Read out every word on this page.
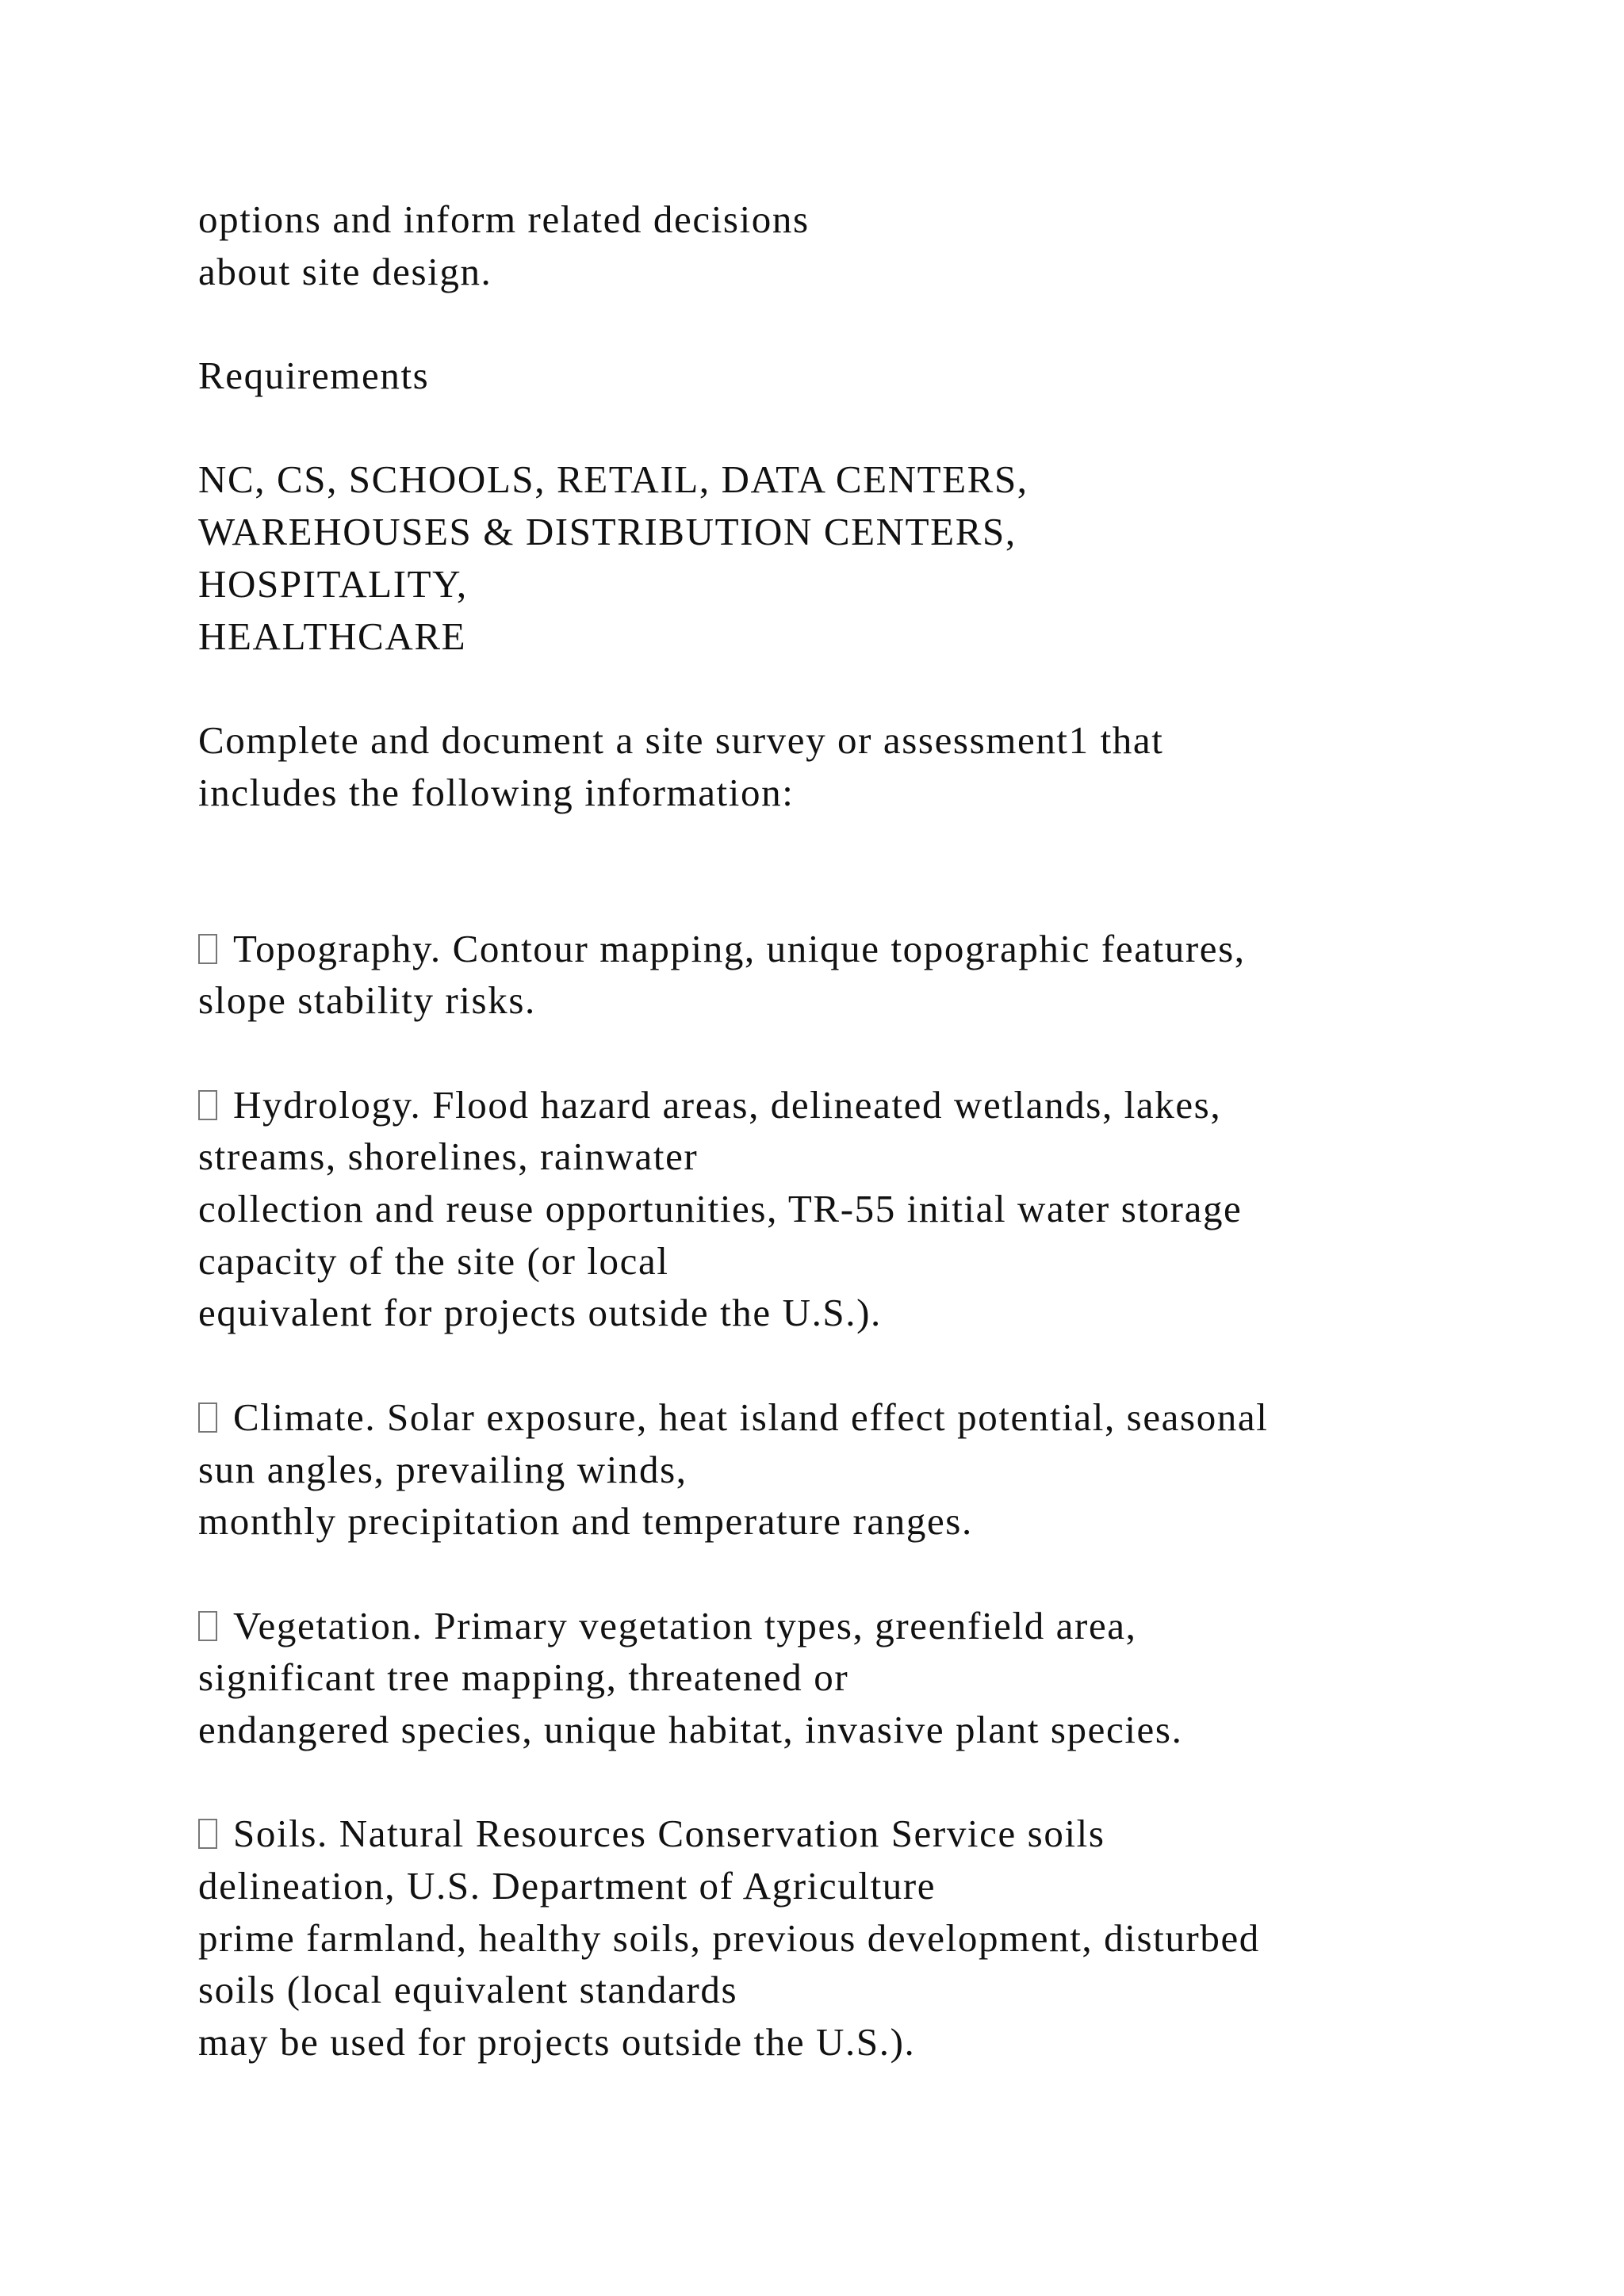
options and inform related decisions
about site design.
Requirements
NC, CS, SCHOOLS, RETAIL, DATA CENTERS,
WAREHOUSES & DISTRIBUTION CENTERS,
HOSPITALITY,
HEALTHCARE
Complete and document a site survey or assessment1 that
includes the following information:
Topography. Contour mapping, unique topographic features,
slope stability risks.
Hydrology. Flood hazard areas, delineated wetlands, lakes,
streams, shorelines, rainwater
collection and reuse opportunities, TR-55 initial water storage
capacity of the site (or local
equivalent for projects outside the U.S.).
Climate. Solar exposure, heat island effect potential, seasonal
sun angles, prevailing winds,
monthly precipitation and temperature ranges.
Vegetation. Primary vegetation types, greenfield area,
significant tree mapping, threatened or
endangered species, unique habitat, invasive plant species.
Soils. Natural Resources Conservation Service soils
delineation, U.S. Department of Agriculture
prime farmland, healthy soils, previous development, disturbed
soils (local equivalent standards
may be used for projects outside the U.S.).
